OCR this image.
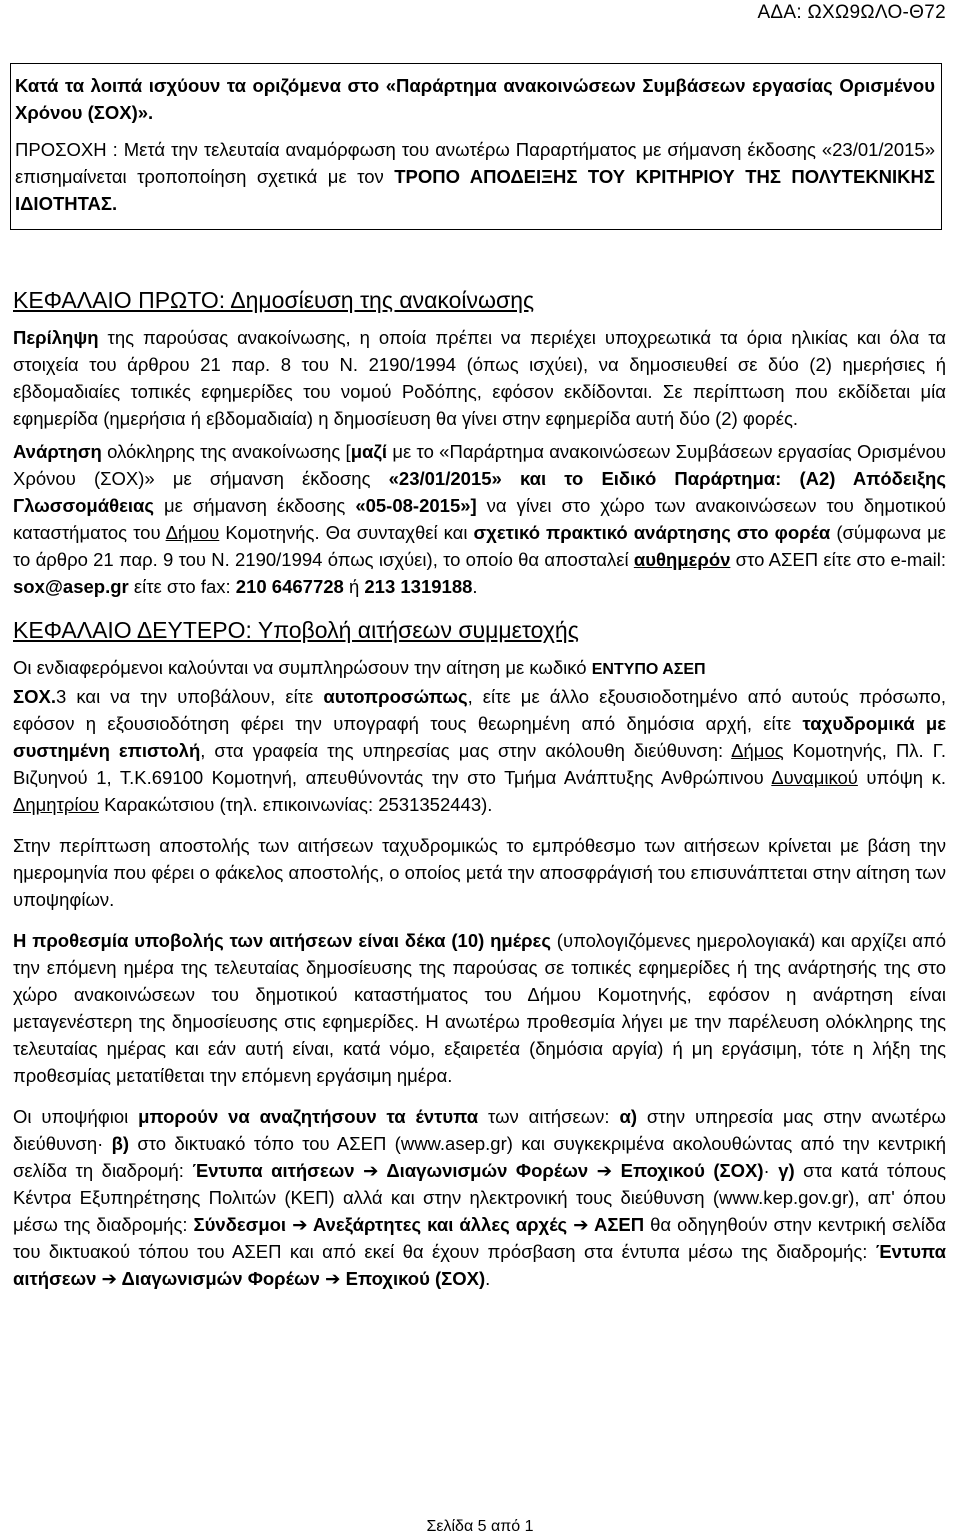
ΑΔΑ: ΩΧΩ9ΩΛΟ-Θ72

Κατά τα λοιπά ισχύουν τα οριζόμενα στο «Παράρτημα ανακοινώσεων Συμβάσεων εργασίας Ορισμένου Χρόνου (ΣΟΧ)».

ΠΡΟΣΟΧΗ : Μετά την τελευταία αναμόρφωση του ανωτέρω Παραρτήματος με σήμανση έκδοσης «23/01/2015» επισημαίνεται τροποποίηση σχετικά με τον ΤΡΟΠΟ ΑΠΟΔΕΙΞΗΣ ΤΟΥ ΚΡΙΤΗΡΙΟΥ ΤΗΣ ΠΟΛΥΤΕΚΝΙΚΗΣ ΙΔΙΟΤΗΤΑΣ.

ΚΕΦΑΛΑΙΟ ΠΡΩΤΟ: Δημοσίευση της ανακοίνωσης

Περίληψη της παρούσας ανακοίνωσης, η οποία πρέπει να περιέχει υποχρεωτικά τα όρια ηλικίας και όλα τα στοιχεία του άρθρου 21 παρ. 8 του Ν. 2190/1994 (όπως ισχύει), να δημοσιευθεί σε δύο (2) ημερήσιες ή εβδομαδιαίες τοπικές εφημερίδες του νομού Ροδόπης, εφόσον εκδίδονται. Σε περίπτωση που εκδίδεται μία εφημερίδα (ημερήσια ή εβδομαδιαία) η δημοσίευση θα γίνει στην εφημερίδα αυτή δύο (2) φορές.

Ανάρτηση ολόκληρης της ανακοίνωσης [μαζί με το «Παράρτημα ανακοινώσεων Συμβάσεων εργασίας Ορισμένου Χρόνου (ΣΟΧ)» με σήμανση έκδοσης «23/01/2015» και το Ειδικό Παράρτημα: (Α2) Απόδειξης Γλωσσομάθειας με σήμανση έκδοσης «05-08-2015»] να γίνει στο χώρο των ανακοινώσεων του δημοτικού καταστήματος του Δήμου Κομοτηνής. Θα συνταχθεί και σχετικό πρακτικό ανάρτησης στο φορέα (σύμφωνα με το άρθρο 21 παρ. 9 του Ν. 2190/1994 όπως ισχύει), το οποίο θα αποσταλεί αυθημερόν στο ΑΣΕΠ είτε στο e-mail: sox@asep.gr είτε στο fax: 210 6467728 ή 213 1319188.

ΚΕΦΑΛΑΙΟ ΔΕΥΤΕΡΟ: Υποβολή αιτήσεων συμμετοχής

Οι ενδιαφερόμενοι καλούνται να συμπληρώσουν την αίτηση με κωδικό ΕΝΤΥΠΟ ΑΣΕΠ
ΣΟΧ.3 και να την υποβάλουν, είτε αυτοπροσώπως, είτε με άλλο εξουσιοδοτημένο από αυτούς πρόσωπο, εφόσον η εξουσιοδότηση φέρει την υπογραφή τους θεωρημένη από δημόσια αρχή, είτε ταχυδρομικά με συστημένη επιστολή, στα γραφεία της υπηρεσίας μας στην ακόλουθη διεύθυνση: Δήμος Κομοτηνής, Πλ. Γ. Βιζυηνού 1, Τ.Κ.69100 Κομοτηνή, απευθύνοντάς την στο Τμήμα Ανάπτυξης Ανθρώπινου Δυναμικού υπόψη κ. Δημητρίου Καρακώτσιου (τηλ. επικοινωνίας: 2531352443).

Στην περίπτωση αποστολής των αιτήσεων ταχυδρομικώς το εμπρόθεσμο των αιτήσεων κρίνεται με βάση την ημερομηνία που φέρει ο φάκελος αποστολής, ο οποίος μετά την αποσφράγισή του επισυνάπτεται στην αίτηση των υποψηφίων.

Η προθεσμία υποβολής των αιτήσεων είναι δέκα (10) ημέρες (υπολογιζόμενες ημερολογιακά) και αρχίζει από την επόμενη ημέρα της τελευταίας δημοσίευσης της παρούσας σε τοπικές εφημερίδες ή της ανάρτησής της στο χώρο ανακοινώσεων του δημοτικού καταστήματος του Δήμου Κομοτηνής, εφόσον η ανάρτηση είναι μεταγενέστερη της δημοσίευσης στις εφημερίδες. Η ανωτέρω προθεσμία λήγει με την παρέλευση ολόκληρης της τελευταίας ημέρας και εάν αυτή είναι, κατά νόμο, εξαιρετέα (δημόσια αργία) ή μη εργάσιμη, τότε η λήξη της προθεσμίας μετατίθεται την επόμενη εργάσιμη ημέρα.

Οι υποψήφιοι μπορούν να αναζητήσουν τα έντυπα των αιτήσεων: α) στην υπηρεσία μας στην ανωτέρω διεύθυνση· β) στο δικτυακό τόπο του ΑΣΕΠ (www.asep.gr) και συγκεκριμένα ακολουθώντας από την κεντρική σελίδα τη διαδρομή: Έντυπα αιτήσεων ➔ Διαγωνισμών Φορέων ➔ Εποχικού (ΣΟΧ)· γ) στα κατά τόπους Κέντρα Εξυπηρέτησης Πολιτών (ΚΕΠ) αλλά και στην ηλεκτρονική τους διεύθυνση (www.kep.gov.gr), απ' όπου μέσω της διαδρομής: Σύνδεσμοι ➔ Ανεξάρτητες και άλλες αρχές ➔ ΑΣΕΠ θα οδηγηθούν στην κεντρική σελίδα του δικτυακού τόπου του ΑΣΕΠ και από εκεί θα έχουν πρόσβαση στα έντυπα μέσω της διαδρομής: Έντυπα αιτήσεων ➔ Διαγωνισμών Φορέων ➔ Εποχικού (ΣΟΧ).

Σελίδα 5 από 1
